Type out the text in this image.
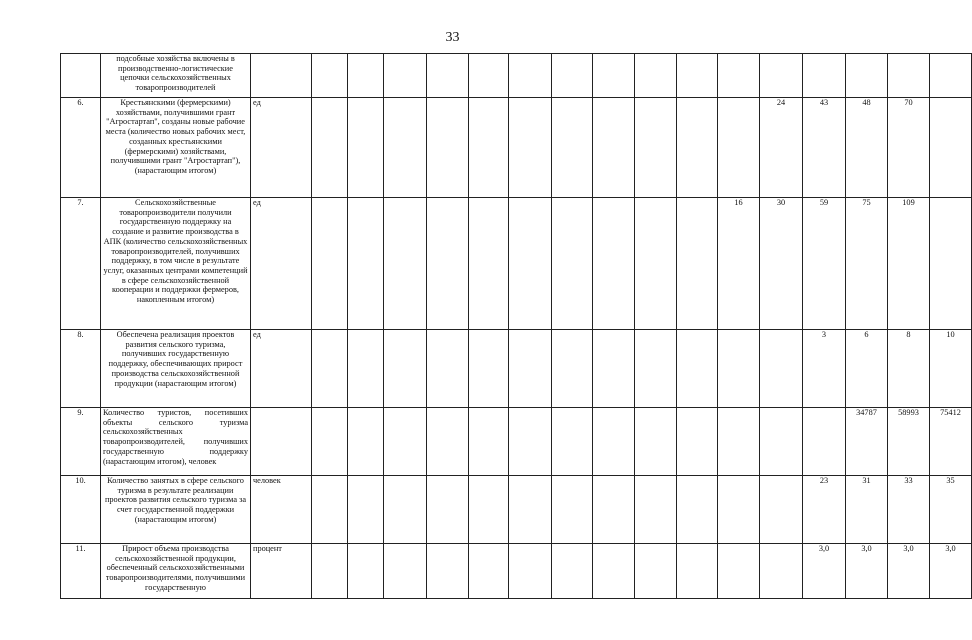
33
	подсобные хозяйства включены в производственно-логистические цепочки сельскохозяйственных товаропроизводителей																	
6.	Крестьянскими (фермерскими) хозяйствами, получившими грант "Агростартап", созданы новые рабочие места (количество новых рабочих мест, созданных крестьянскими (фермерскими) хозяйствами, получившими грант "Агростартап"), (нарастающим итогом)	ед												24	43	48	70	
7.	Сельскохозяйственные товаропроизводители получили государственную поддержку на создание и развитие производства в АПК (количество сельскохозяйственных товаропроизводителей, получивших поддержку, в том числе в результате услуг, оказанных центрами компетенций в сфере сельскохозяйственной кооперации и поддержки фермеров, накопленным итогом)	ед											16	30	59	75	109	
8.	Обеспечена реализация проектов развития сельского туризма, получивших государственную поддержку, обеспечивающих прирост производства сельскохозяйственной продукции (нарастающим итогом)	ед													3	6	8	10
9.	Количество туристов, посетивших объекты сельского туризма сельскохозяйственных товаропроизводителей, получивших государственную поддержку (нарастающим итогом), человек															34787	58993	75412
10.	Количество занятых в сфере сельского туризма в результате реализации проектов развития сельского туризма за счет государственной поддержки (нарастающим итогом)	человек													23	31	33	35
11.	Прирост объема производства сельскохозяйственной продукции, обеспеченный сельскохозяйственными товаропроизводителями, получившими государственную	процент													3,0	3,0	3,0	3,0
